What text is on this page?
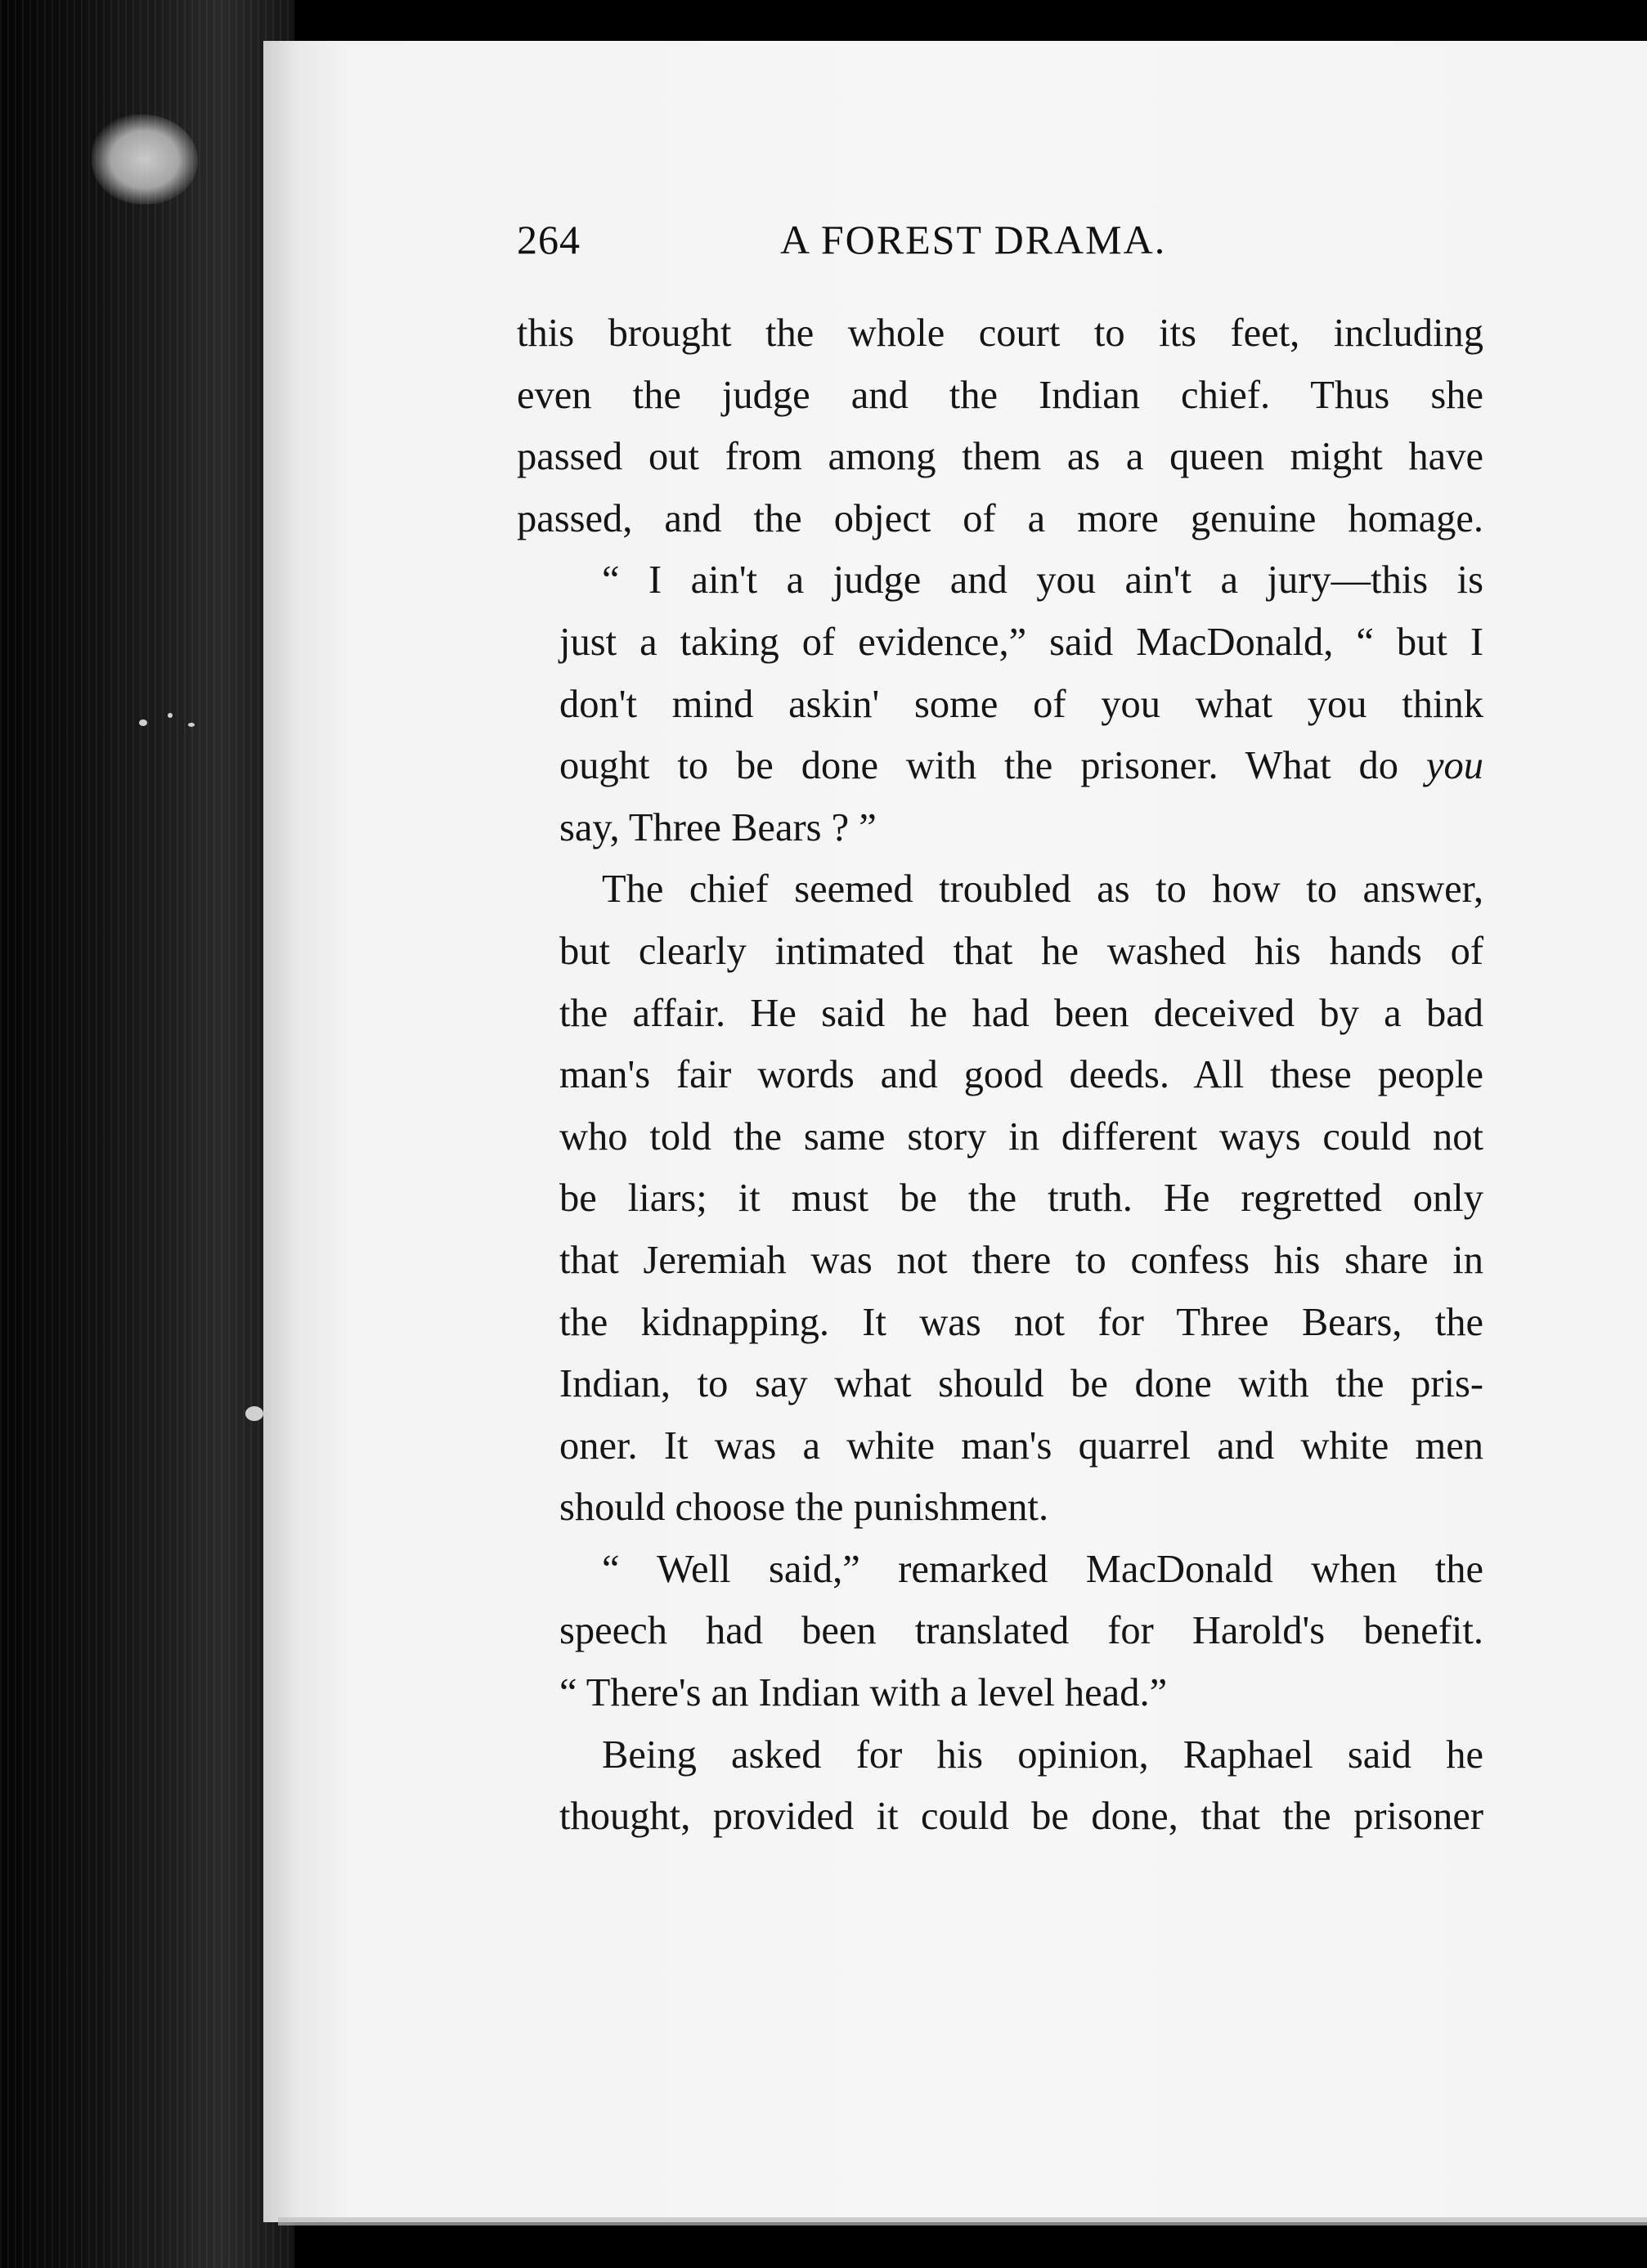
264	A FOREST DRAMA.
this brought the whole court to its feet, including
even the judge and the Indian chief. Thus she
passed out from among them as a queen might have
passed, and the object of a more genuine homage.
“ I ain't a judge and you ain't a jury—this is
just a taking of evidence,” said MacDonald, “ but I
don't mind askin' some of you what you think
ought to be done with the prisoner. What do you
say, Three Bears ? ”
The chief seemed troubled as to how to answer,
but clearly intimated that he washed his hands of
the affair. He said he had been deceived by a bad
man's fair words and good deeds. All these people
who told the same story in different ways could not
be liars; it must be the truth. He regretted only
that Jeremiah was not there to confess his share in
the kidnapping. It was not for Three Bears, the
Indian, to say what should be done with the pris-
oner. It was a white man's quarrel and white men
should choose the punishment.
“ Well said,” remarked MacDonald when the
speech had been translated for Harold's benefit.
“ There's an Indian with a level head.”
Being asked for his opinion, Raphael said he
thought, provided it could be done, that the prisoner
